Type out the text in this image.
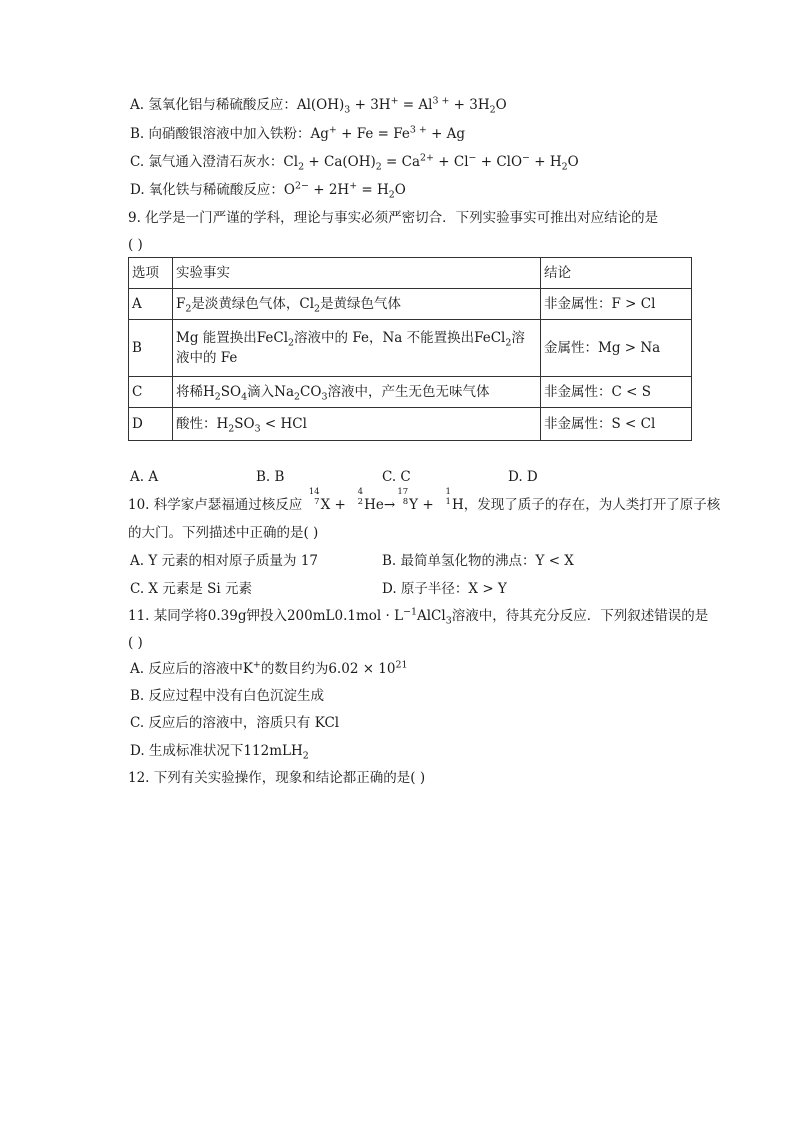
A. 氢氧化铝与稀硫酸反应：$Al(OH)_3 + 3H^+ = Al^{3 +} + 3H_2O$
B. 向硝酸银溶液中加入铁粉：$Ag^+ + Fe = Fe^{3 +} + Ag$
C. 氯气通入澄清石灰水：$Cl_2 + Ca(OH)_2 = Ca^{2+} + Cl^- + ClO^- + H_2O$
D. 氧化铁与稀硫酸反应：$O^{2-} + 2H^+ = H_2O$
9. 化学是一门严谨的学科，理论与事实必须严密切合．下列实验事实可推出对应结论的是
( )
10. 科学家卢瑟福通过核反应
14
7 X +
4
2 He→
17
8 Y +
1
1 H，发现了质子的存在，为人类打开了原子核
的大门。下列描述中正确的是( )
11. 某同学将0.39g钾投入$200mL0.1mol \cdot L^{-1}AlCl_3$溶液中，待其充分反应．下列叙述错误的是
( )
A. 反应后的溶液中K+的数目约为$6.02 \times 10^{21}$
B. 反应过程中没有白色沉淀生成
C. 反应后的溶液中，溶质只有 KCl
D. 生成标准状况下112mLH$_2$
12. 下列有关实验操作，现象和结论都正确的是( )
选项	实验事实	结论
A	$F_2$是淡黄绿色气体，$Cl_2$是黄绿色气体	非金属性：F > Cl
B	Mg 能置换出FeCl$_2$溶液中的 Fe，Na 不能置换出FeCl$_2$溶液中的 Fe	金属性：Mg > Na
C	将稀$H_2SO_4$滴入$Na_2CO_3$溶液中，产生无色无味气体	非金属性：C < S
D	酸性：$H_2SO_3$ < HCl	非金属性：S < Cl
A. A	B. B	C. C	D. D
A. Y 元素的相对原子质量为 17	B. 最简单氢化物的沸点：Y < X
C. X 元素是 Si 元素	D. 原子半径：X > Y
